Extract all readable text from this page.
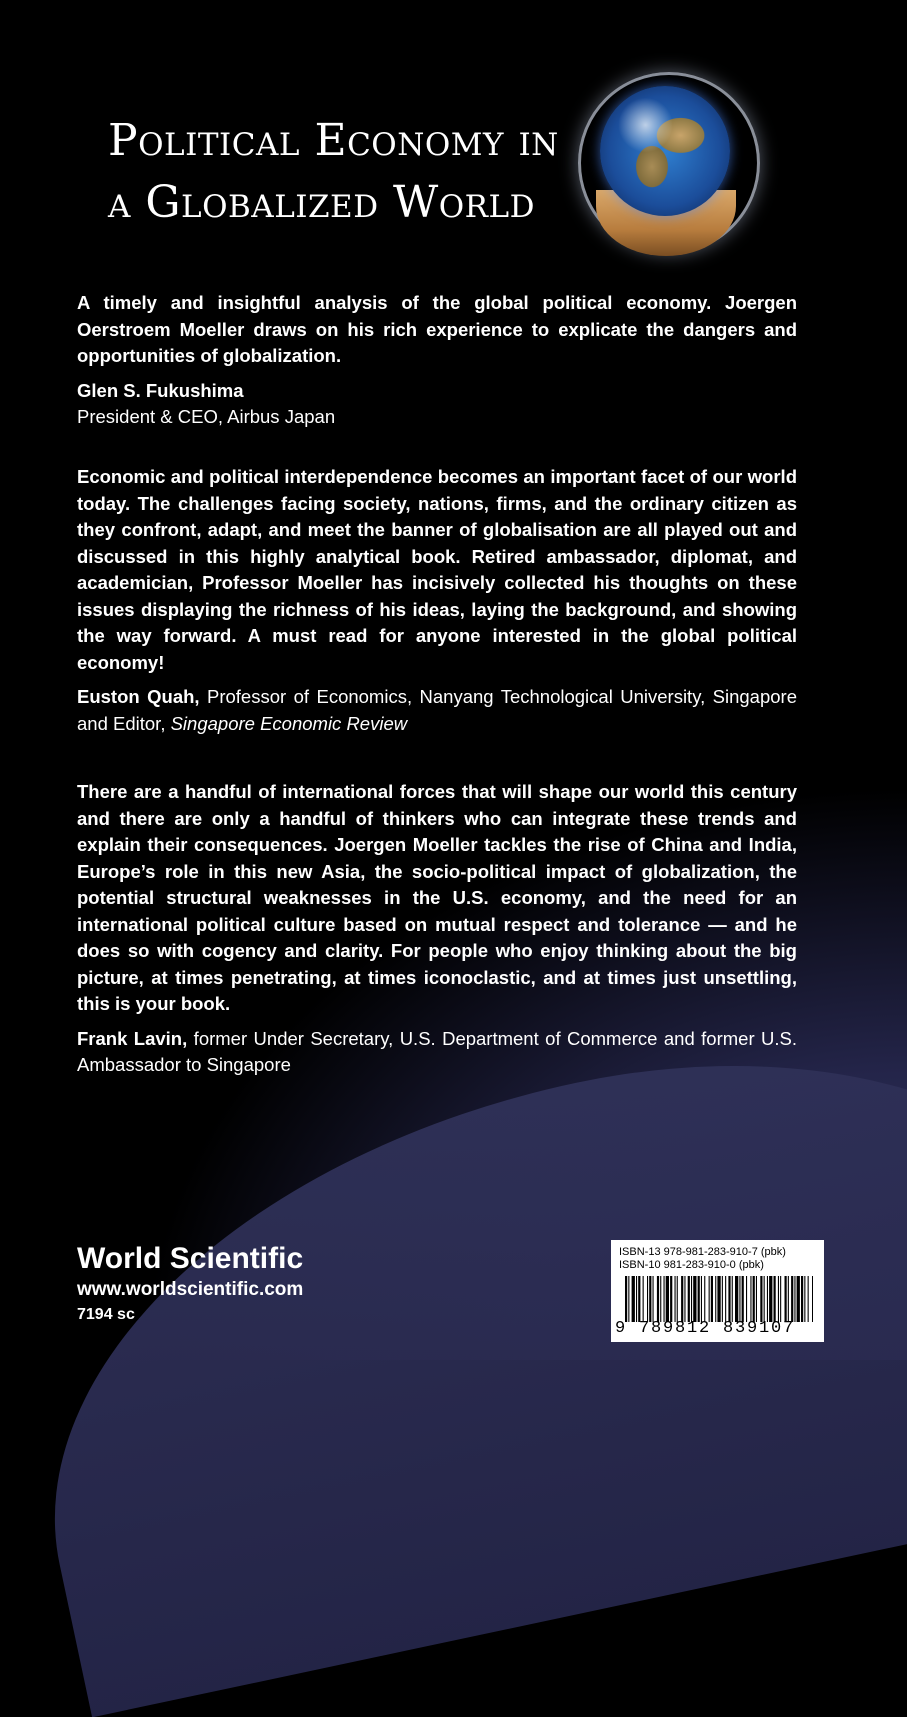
Political Economy in
a Globalized World

A timely and insightful analysis of the global political economy. Joergen Oerstroem Moeller draws on his rich experience to explicate the dangers and opportunities of globalization.

Glen S. Fukushima
President & CEO, Airbus Japan

Economic and political interdependence becomes an important facet of our world today. The challenges facing society, nations, firms, and the ordinary citizen as they confront, adapt, and meet the banner of globalisation are all played out and discussed in this highly analytical book. Retired ambassador, diplomat, and academician, Professor Moeller has incisively collected his thoughts on these issues displaying the richness of his ideas, laying the background, and showing the way forward. A must read for anyone interested in the global political economy!

Euston Quah, Professor of Economics, Nanyang Technological University, Singapore and Editor, Singapore Economic Review

There are a handful of international forces that will shape our world this century and there are only a handful of thinkers who can integrate these trends and explain their consequences. Joergen Moeller tackles the rise of China and India, Europe’s role in this new Asia, the socio-political impact of globalization, the potential structural weaknesses in the U.S. economy, and the need for an international political culture based on mutual respect and tolerance — and he does so with cogency and clarity. For people who enjoy thinking about the big picture, at times penetrating, at times iconoclastic, and at times just unsettling, this is your book.

Frank Lavin, former Under Secretary, U.S. Department of Commerce and former U.S. Ambassador to Singapore

World Scientific
www.worldscientific.com
7194 sc
ISBN-13 978-981-283-910-7 (pbk)
ISBN-10 981-283-910-0 (pbk)
9 789812 839107
